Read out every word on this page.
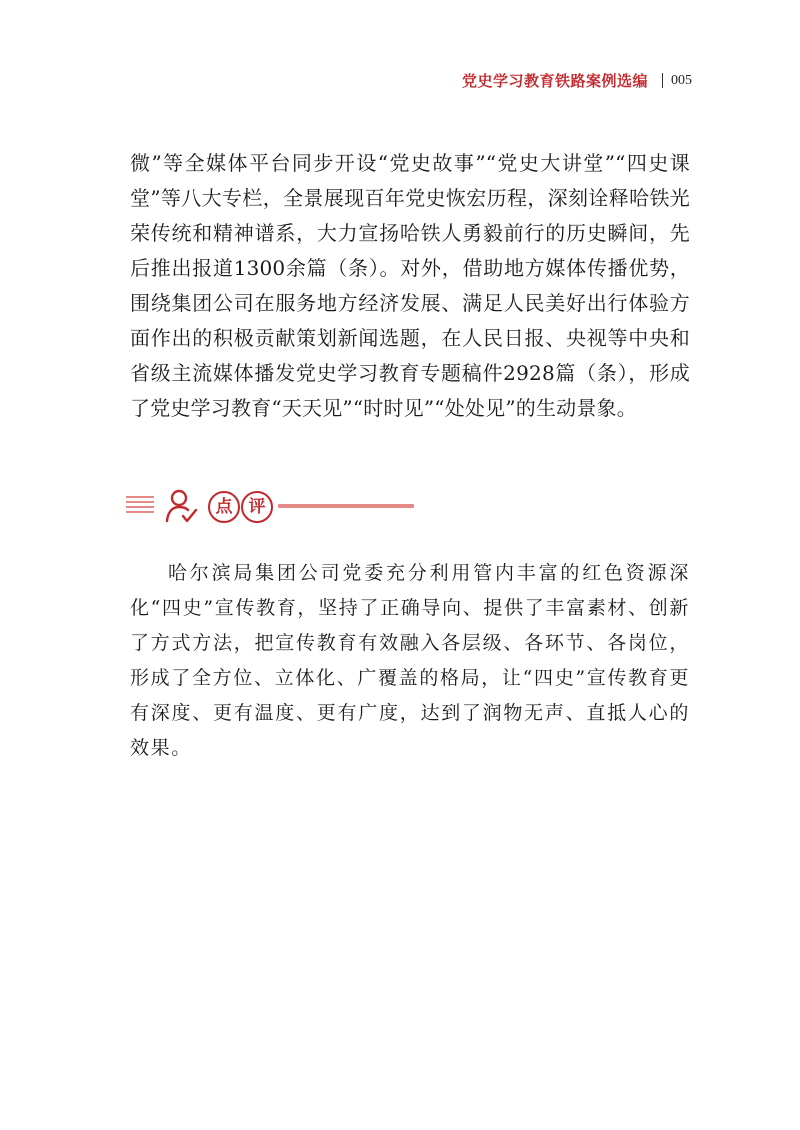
党史学习教育铁路案例选编 005

微”等全媒体平台同步开设“党史故事”“党史大讲堂”“四史课堂”等八大专栏，全景展现百年党史恢宏历程，深刻诠释哈铁光荣传统和精神谱系，大力宣扬哈铁人勇毅前行的历史瞬间，先后推出报道1300余篇（条）。对外，借助地方媒体传播优势，围绕集团公司在服务地方经济发展、满足人民美好出行体验方面作出的积极贡献策划新闻选题，在人民日报、央视等中央和省级主流媒体播发党史学习教育专题稿件2928篇（条），形成了党史学习教育“天天见”“时时见”“处处见”的生动景象。

点 评

哈尔滨局集团公司党委充分利用管内丰富的红色资源深化“四史”宣传教育，坚持了正确导向、提供了丰富素材、创新了方式方法，把宣传教育有效融入各层级、各环节、各岗位，形成了全方位、立体化、广覆盖的格局，让“四史”宣传教育更有深度、更有温度、更有广度，达到了润物无声、直抵人心的效果。
